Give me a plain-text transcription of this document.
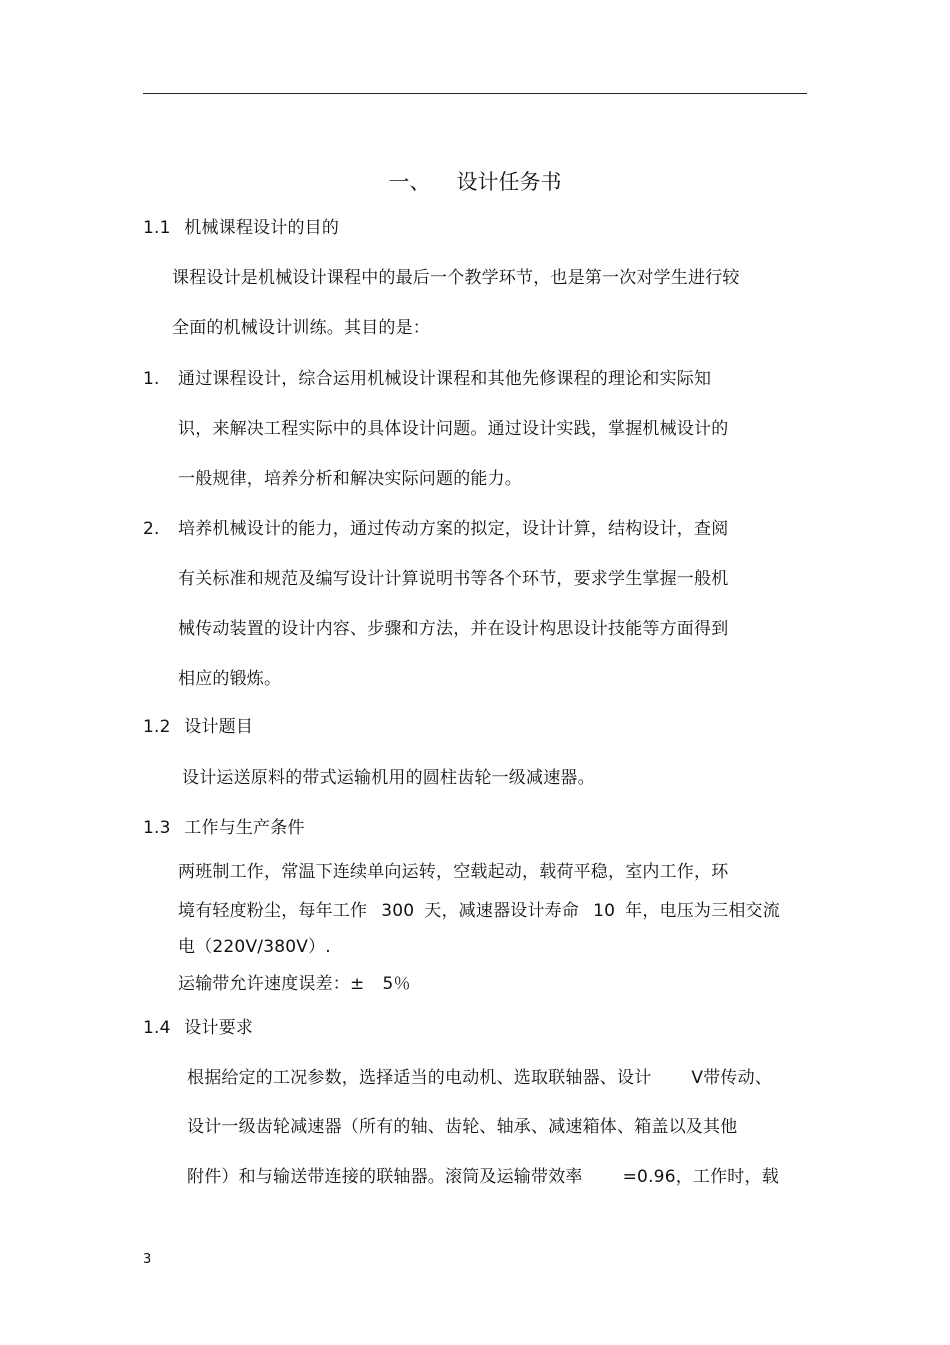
一、 设计任务书
1.1 机械课程设计的目的
课程设计是机械设计课程中的最后一个教学环节，也是第一次对学生进行较
全面的机械设计训练。其目的是：
1. 通过课程设计，综合运用机械设计课程和其他先修课程的理论和实际知
识，来解决工程实际中的具体设计问题。通过设计实践，掌握机械设计的
一般规律，培养分析和解决实际问题的能力。
2. 培养机械设计的能力，通过传动方案的拟定，设计计算，结构设计，查阅
有关标准和规范及编写设计计算说明书等各个环节，要求学生掌握一般机
械传动装置的设计内容、步骤和方法，并在设计构思设计技能等方面得到
相应的锻炼。
1.2 设计题目
设计运送原料的带式运输机用的圆柱齿轮一级减速器。
1.3 工作与生产条件
两班制工作，常温下连续单向运转，空载起动，载荷平稳，室内工作，环
境有轻度粉尘，每年工作 300 天，减速器设计寿命 10 年，电压为三相交流
电（220V/380V）.
运输带允许速度误差：± 5％
1.4 设计要求
根据给定的工况参数，选择适当的电动机、选取联轴器、设计 V带传动、
设计一级齿轮减速器（所有的轴、齿轮、轴承、减速箱体、箱盖以及其他
附件）和与输送带连接的联轴器。滚筒及运输带效率 =0.96，工作时，载
3
